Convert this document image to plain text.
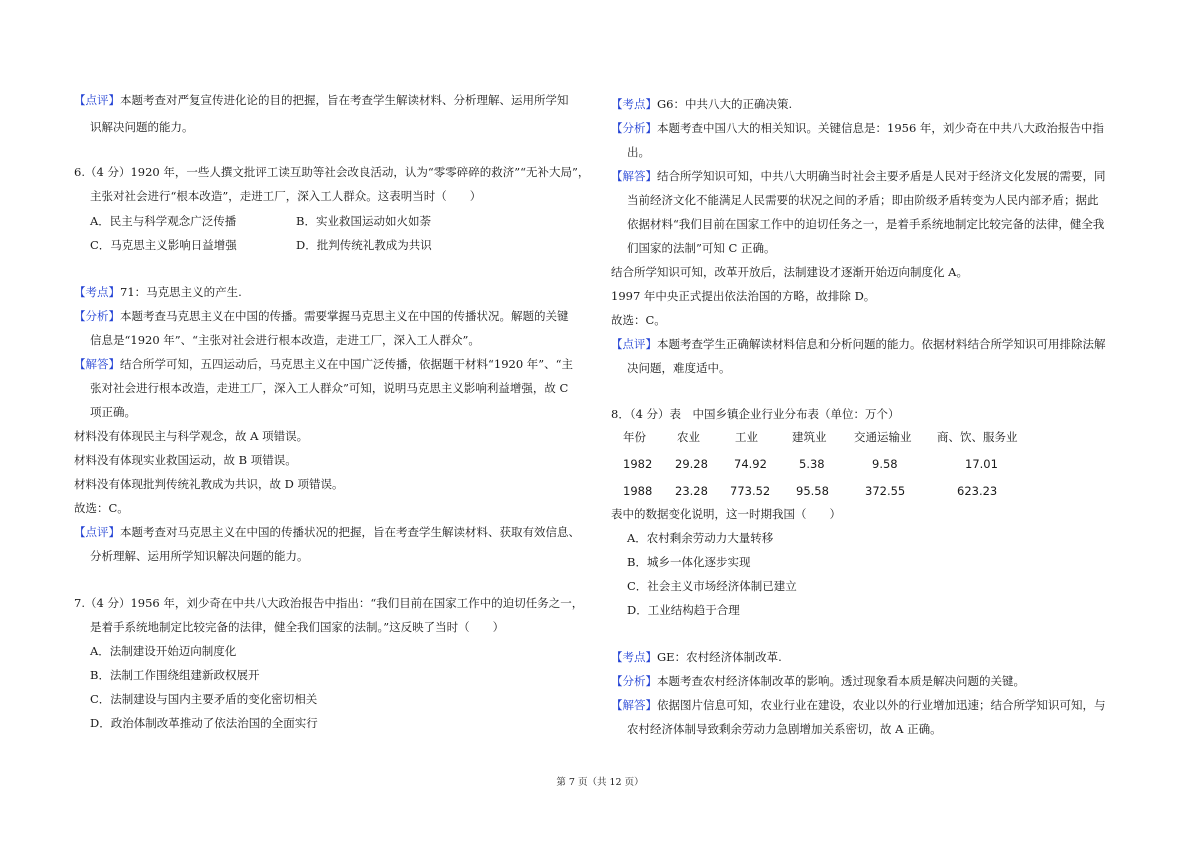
【点评】本题考查对严复宣传进化论的目的把握，旨在考查学生解读材料、分析理解、运用所学知
识解决问题的能力。
6.（4 分）1920 年，一些人撰文批评工读互助等社会改良活动，认为“零零碎碎的救济”“无补大局”，
主张对社会进行“根本改造”，走进工厂，深入工人群众。这表明当时（　　）
A．民主与科学观念广泛传播	B．实业救国运动如火如荼
C．马克思主义影响日益增强	D．批判传统礼教成为共识
【考点】71：马克思主义的产生.
【分析】本题考查马克思主义在中国的传播。需要掌握马克思主义在中国的传播状况。解题的关键
信息是“1920 年”、“主张对社会进行根本改造，走进工厂，深入工人群众”。
【解答】结合所学可知，五四运动后，马克思主义在中国广泛传播，依据题干材料“1920 年”、“主
张对社会进行根本改造，走进工厂，深入工人群众”可知，说明马克思主义影响利益增强，故 C
项正确。
材料没有体现民主与科学观念，故 A 项错误。
材料没有体现实业救国运动，故 B 项错误。
材料没有体现批判传统礼教成为共识，故 D 项错误。
故选：C。
【点评】本题考查对马克思主义在中国的传播状况的把握，旨在考查学生解读材料、获取有效信息、
分析理解、运用所学知识解决问题的能力。
7.（4 分）1956 年，刘少奇在中共八大政治报告中指出：“我们目前在国家工作中的迫切任务之一，
是着手系统地制定比较完备的法律，健全我们国家的法制。”这反映了当时（　　）
A．法制建设开始迈向制度化
B．法制工作围绕组建新政权展开
C．法制建设与国内主要矛盾的变化密切相关
D．政治体制改革推动了依法治国的全面实行
【考点】G6：中共八大的正确决策.
【分析】本题考查中国八大的相关知识。关键信息是：1956 年，刘少奇在中共八大政治报告中指
出。
【解答】结合所学知识可知，中共八大明确当时社会主要矛盾是人民对于经济文化发展的需要，同
当前经济文化不能满足人民需要的状况之间的矛盾；即由阶级矛盾转变为人民内部矛盾；据此
依据材料“我们目前在国家工作中的迫切任务之一，是着手系统地制定比较完备的法律，健全我
们国家的法制”可知 C 正确。
结合所学知识可知，改革开放后，法制建设才逐渐开始迈向制度化 A。
1997 年中央正式提出依法治国的方略，故排除 D。
故选：C。
【点评】本题考查学生正确解读材料信息和分析问题的能力。依据材料结合所学知识可用排除法解
决问题，难度适中。
8．（4 分）表　中国乡镇企业行业分布表（单位：万个）
年份	农业	工业	建筑业 交通运输业 商、饮、服务业
1982 29.28 74.92	5.38	9.58	17.01
1988 23.28 773.52 95.58	372.55	623.23
表中的数据变化说明，这一时期我国（　　）
A．农村剩余劳动力大量转移
B．城乡一体化逐步实现
C．社会主义市场经济体制已建立
D．工业结构趋于合理
【考点】GE：农村经济体制改革.
【分析】本题考查农村经济体制改革的影响。透过现象看本质是解决问题的关键。
【解答】依据图片信息可知，农业行业在建设，农业以外的行业增加迅速；结合所学知识可知，与
农村经济体制导致剩余劳动力急剧增加关系密切，故 A 正确。
第 7 页（共 12 页）
